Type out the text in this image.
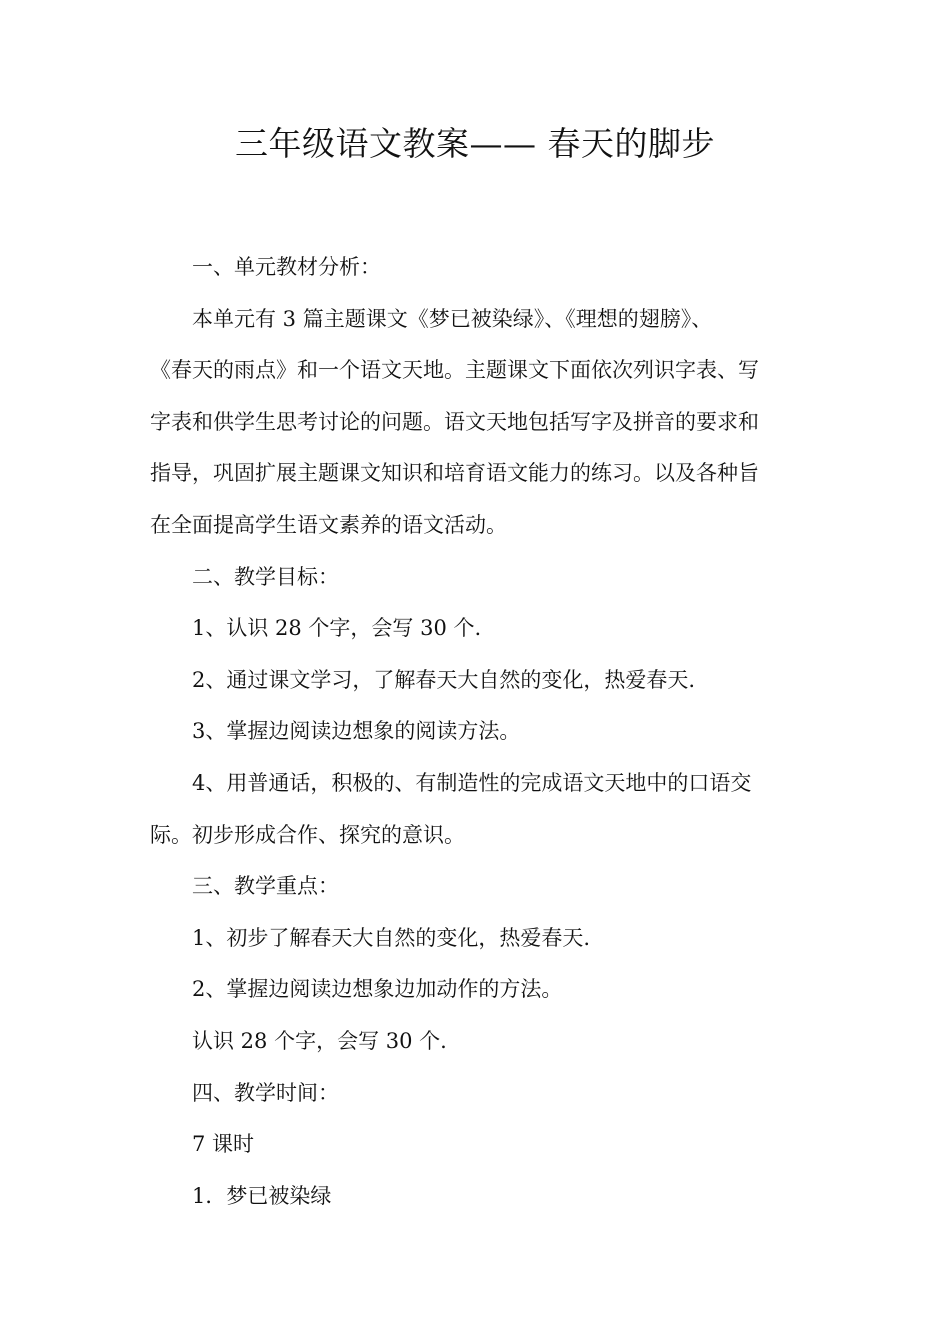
三年级语文教案—— 春天的脚步

一、单元教材分析：

本单元有 3 篇主题课文《梦已被染绿》、《理想的翅膀》、

《春天的雨点》和一个语文天地。主题课文下面依次列识字表、写

字表和供学生思考讨论的问题。语文天地包括写字及拼音的要求和

指导，巩固扩展主题课文知识和培育语文能力的练习。以及各种旨

在全面提高学生语文素养的语文活动。

二、教学目标：

1、认识 28 个字，会写 30 个.

2、通过课文学习，了解春天大自然的变化，热爱春天.

3、掌握边阅读边想象的阅读方法。

4、用普通话，积极的、有制造性的完成语文天地中的口语交

际。初步形成合作、探究的意识。

三、教学重点：

1、初步了解春天大自然的变化，热爱春天.

2、掌握边阅读边想象边加动作的方法。

认识 28 个字，会写 30 个.

四、教学时间：

7 课时

1．梦已被染绿
